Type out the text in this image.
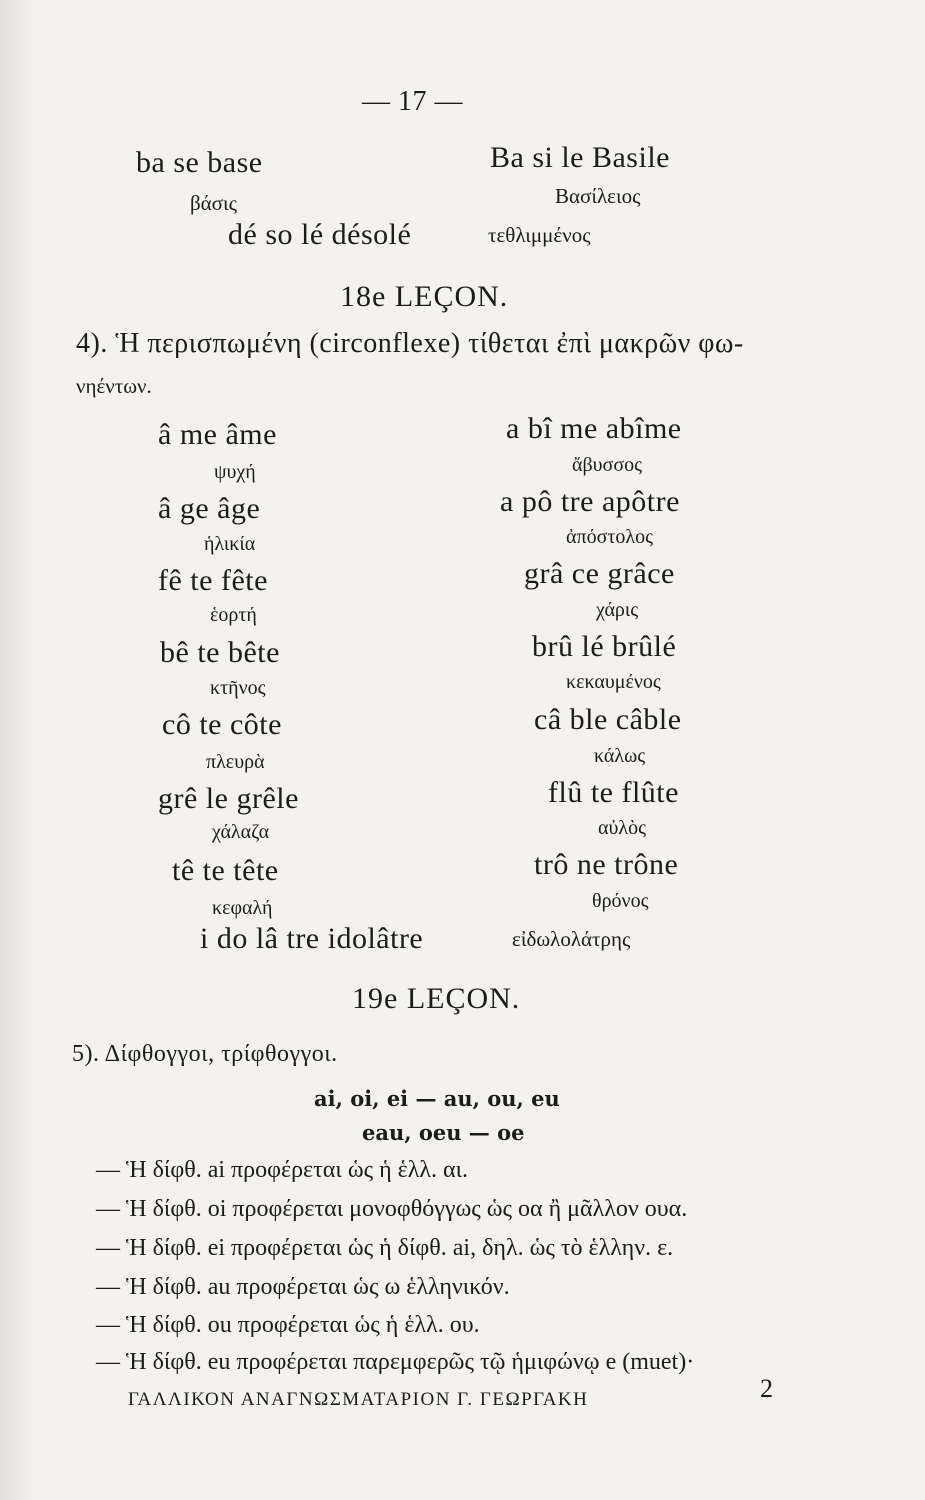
— 17 —
ba se base
βάσις
dé so lé désolé	τεθλιμμένος
Ba si le Basile
Βασίλειος
18e LEÇON.
4). Ἡ περισπωμένη (circonflexe) τίθεται ἐπὶ μακρῶν φω-
νηέντων.
â me âme
ψυχή
â ge âge
ἡλικία
fê te fête
ἑορτή
bê te bête
κτῆνος
cô te côte
πλευρὰ
grê le grêle
χάλαζα
tê te tête
κεφαλή
a bî me abîme
ἄβυσσος
a pô tre apôtre
ἀπόστολος
grâ ce grâce
χάρις
brû lé brûlé
κεκαυμένος
câ ble câble
κάλως
flû te flûte
αὐλὸς
trô ne trône
θρόνος
i do lâ tre idolâtre	εἰδωλολάτρης
19e LEÇON.
5). Δίφθογγοι, τρίφθογγοι.
ai, oi, ei — au, ou, eu
eau, oeu — oe
— Ἡ δίφθ. ai προφέρεται ὡς ἡ ἑλλ. αι.
— Ἡ δίφθ. oi προφέρεται μονοφθόγγως ὡς οα ἢ μᾶλλον ουα.
— Ἡ δίφθ. ei προφέρεται ὡς ἡ δίφθ. ai, δηλ. ὡς τὸ ἑλλην. ε.
— Ἡ δίφθ. au προφέρεται ὡς ω ἑλληνικόν.
— Ἡ δίφθ. ou προφέρεται ὡς ἡ ἑλλ. ου.
— Ἡ δίφθ. eu προφέρεται παρεμφερῶς τῷ ἡμιφώνῳ e (muet)·
ΓΑΛΛΙΚΟΝ ΑΝΑΓΝΩΣΜΑΤΑΡΙΟΝ Γ. ΓΕΩΡΓΑΚΗ	2
